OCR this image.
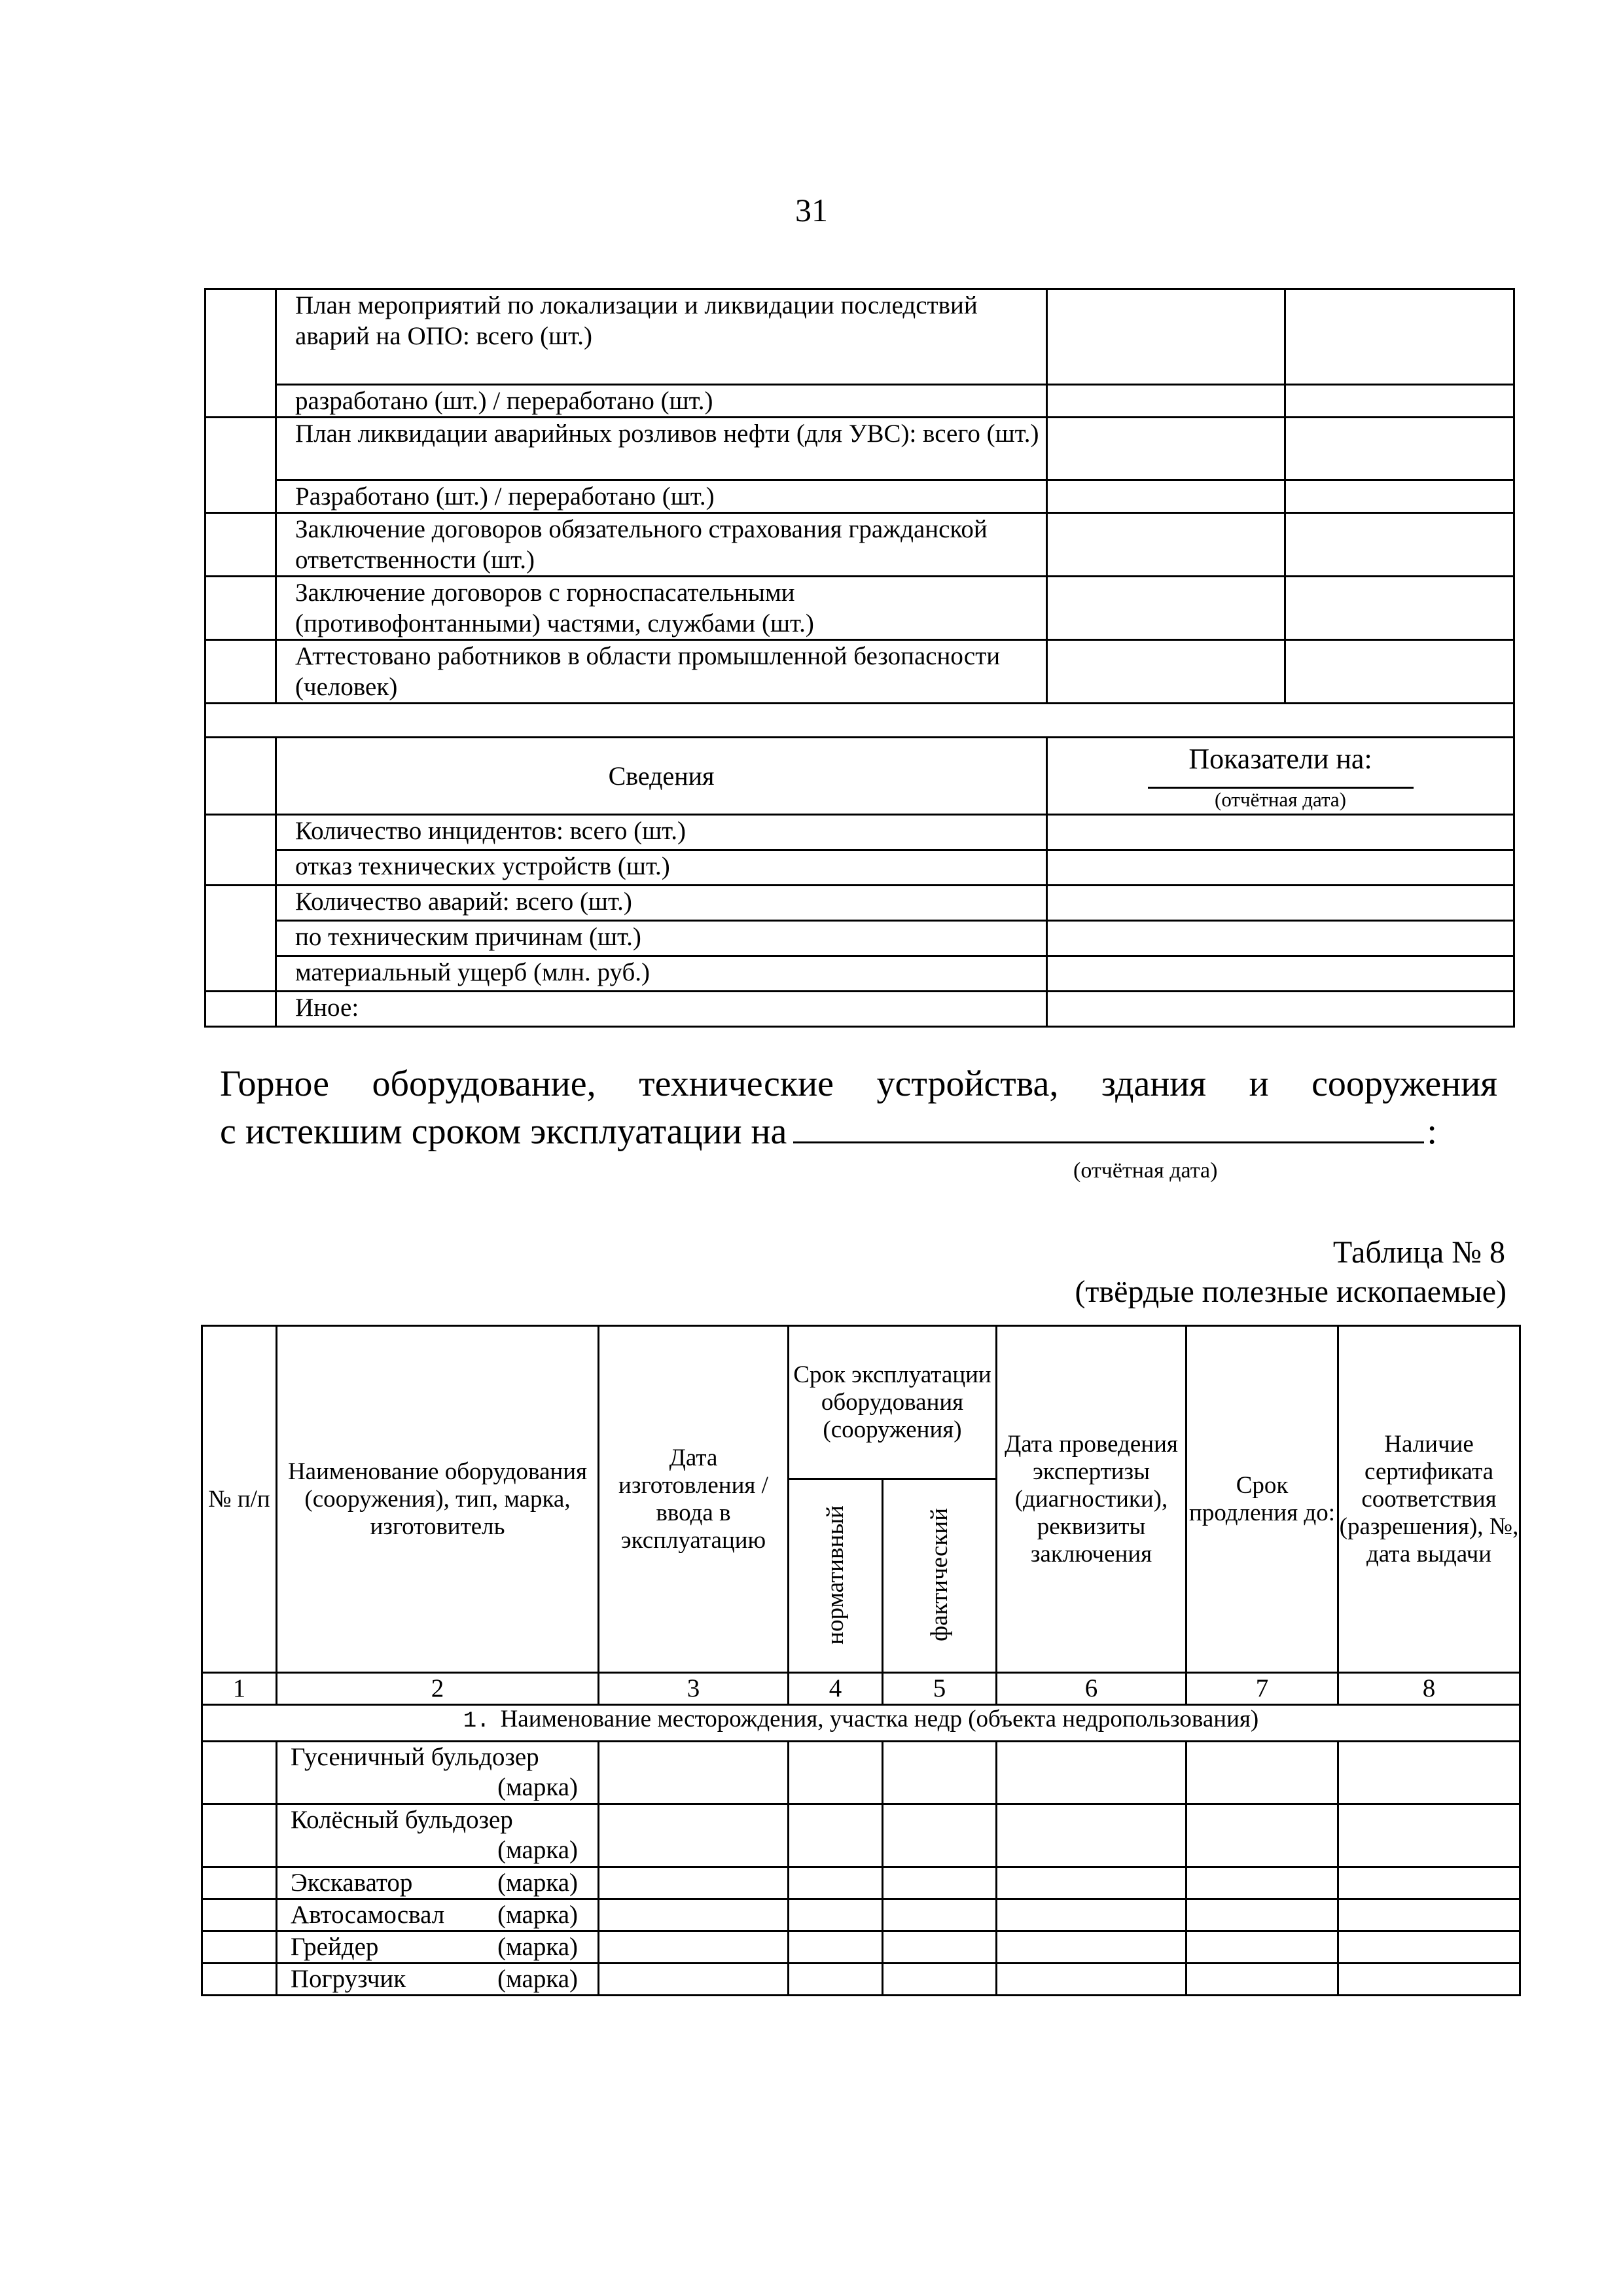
31
	План мероприятий по локализации и ликвидации последствий аварий на ОПО: всего (шт.)		
	разработано (шт.) / переработано (шт.)		
	План ликвидации аварийных розливов нефти (для УВС): всего (шт.)		
	Разработано (шт.) / переработано (шт.)		
	Заключение договоров обязательного страхования гражданской ответственности (шт.)		
	Заключение договоров с горноспасательными (противофонтанными) частями, службами (шт.)		
	Аттестовано работников в области промышленной безопасности (человек)		

	Сведения	Показатели на:
(отчётная дата)	

	Количество инцидентов: всего (шт.)		
	отказ технических устройств (шт.)		
	Количество аварий: всего (шт.)		
	по техническим причинам (шт.)		
	материальный ущерб (млн. руб.)		
	Иное:		
Горное оборудование, технические устройства, здания и сооружения
с истекшим сроком эксплуатации на	:
(отчётная дата)
Таблица № 8
(твёрдые полезные ископаемые)
№ п/п	Наименование оборудования (сооружения), тип, марка, изготовитель	Дата изготовления / ввода в эксплуатацию	Срок эксплуатации оборудования (сооружения)		Дата проведения экспертизы (диагностики), реквизиты заключения	Срок продления до:	Наличие сертификата соответствия (разрешения), №, дата выдачи

			нормативный	фактический			

1	2	3	4	5	6	7	8
1. Наименование месторождения, участка недр (объекта недропользования)							

	Гусеничный бульдозер
(марка)						

	Колёсный бульдозер
(марка)						

	Экскаватор (марка)						

	Автосамосвал (марка)						

	Грейдер (марка)						

	Погрузчик (марка)						
